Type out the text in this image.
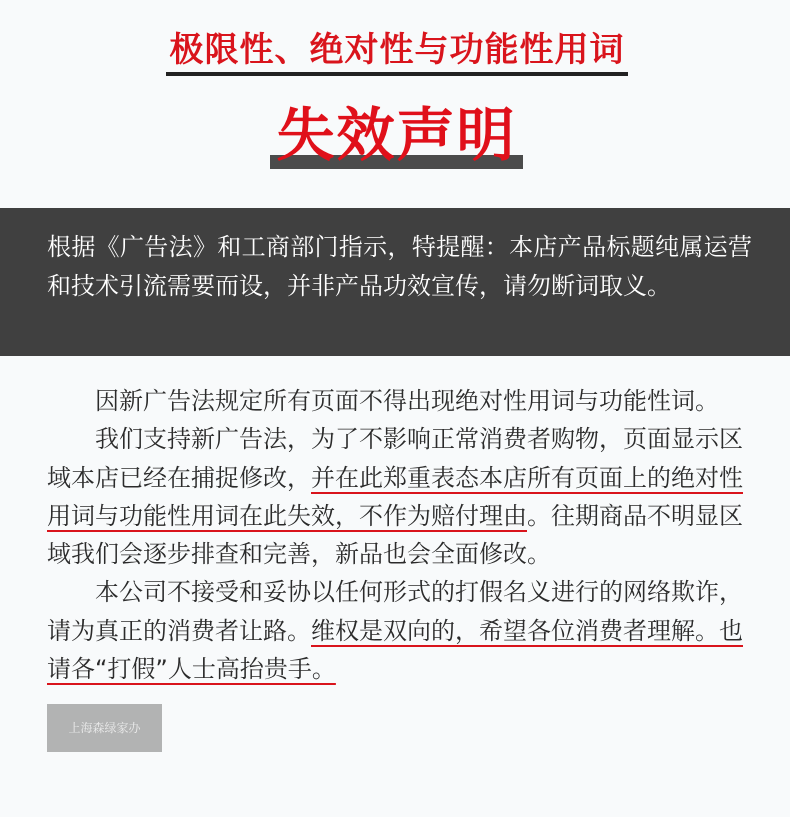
极限性、绝对性与功能性用词
失效声明
根据《广告法》和工商部门指示，特提醒：本店产品标题纯属运营和技术引流需要而设，并非产品功效宣传，请勿断词取义。

因新广告法规定所有页面不得出现绝对性用词与功能性词。

我们支持新广告法，为了不影响正常消费者购物，页面显示区域本店已经在捕捉修改，并在此郑重表态本店所有页面上的绝对性用词与功能性用词在此失效，不作为赔付理由。往期商品不明显区域我们会逐步排查和完善，新品也会全面修改。

本公司不接受和妥协以任何形式的打假名义进行的网络欺诈，请为真正的消费者让路。维权是双向的，希望各位消费者理解。也请各“打假”人士高抬贵手。

上海森绿家办
